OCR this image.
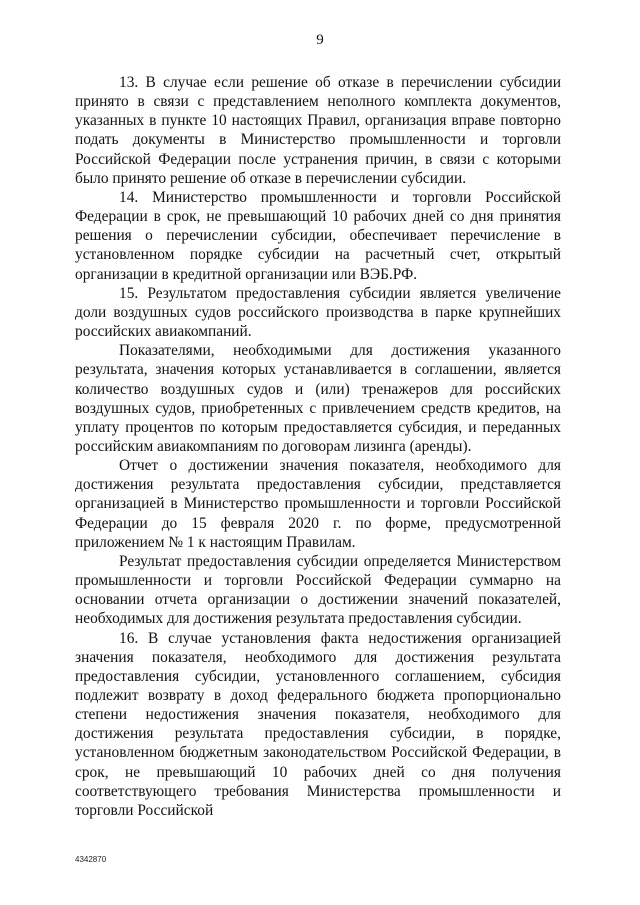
9

13. В случае если решение об отказе в перечислении субсидии принято в связи с представлением неполного комплекта документов, указанных в пункте 10 настоящих Правил, организация вправе повторно подать документы в Министерство промышленности и торговли Российской Федерации после устранения причин, в связи с которыми было принято решение об отказе в перечислении субсидии.

14. Министерство промышленности и торговли Российской Федерации в срок, не превышающий 10 рабочих дней со дня принятия решения о перечислении субсидии, обеспечивает перечисление в установленном порядке субсидии на расчетный счет, открытый организации в кредитной организации или ВЭБ.РФ.

15. Результатом предоставления субсидии является увеличение доли воздушных судов российского производства в парке крупнейших российских авиакомпаний.

Показателями, необходимыми для достижения указанного результата, значения которых устанавливается в соглашении, является количество воздушных судов и (или) тренажеров для российских воздушных судов, приобретенных с привлечением средств кредитов, на уплату процентов по которым предоставляется субсидия, и переданных российским авиакомпаниям по договорам лизинга (аренды).

Отчет о достижении значения показателя, необходимого для достижения результата предоставления субсидии, представляется организацией в Министерство промышленности и торговли Российской Федерации до 15 февраля 2020 г. по форме, предусмотренной приложением № 1 к настоящим Правилам.

Результат предоставления субсидии определяется Министерством промышленности и торговли Российской Федерации суммарно на основании отчета организации о достижении значений показателей, необходимых для достижения результата предоставления субсидии.

16. В случае установления факта недостижения организацией значения показателя, необходимого для достижения результата предоставления субсидии, установленного соглашением, субсидия подлежит возврату в доход федерального бюджета пропорционально степени недостижения значения показателя, необходимого для достижения результата предоставления субсидии, в порядке, установленном бюджетным законодательством Российской Федерации, в срок, не превышающий 10 рабочих дней со дня получения соответствующего требования Министерства промышленности и торговли Российской

4342870
